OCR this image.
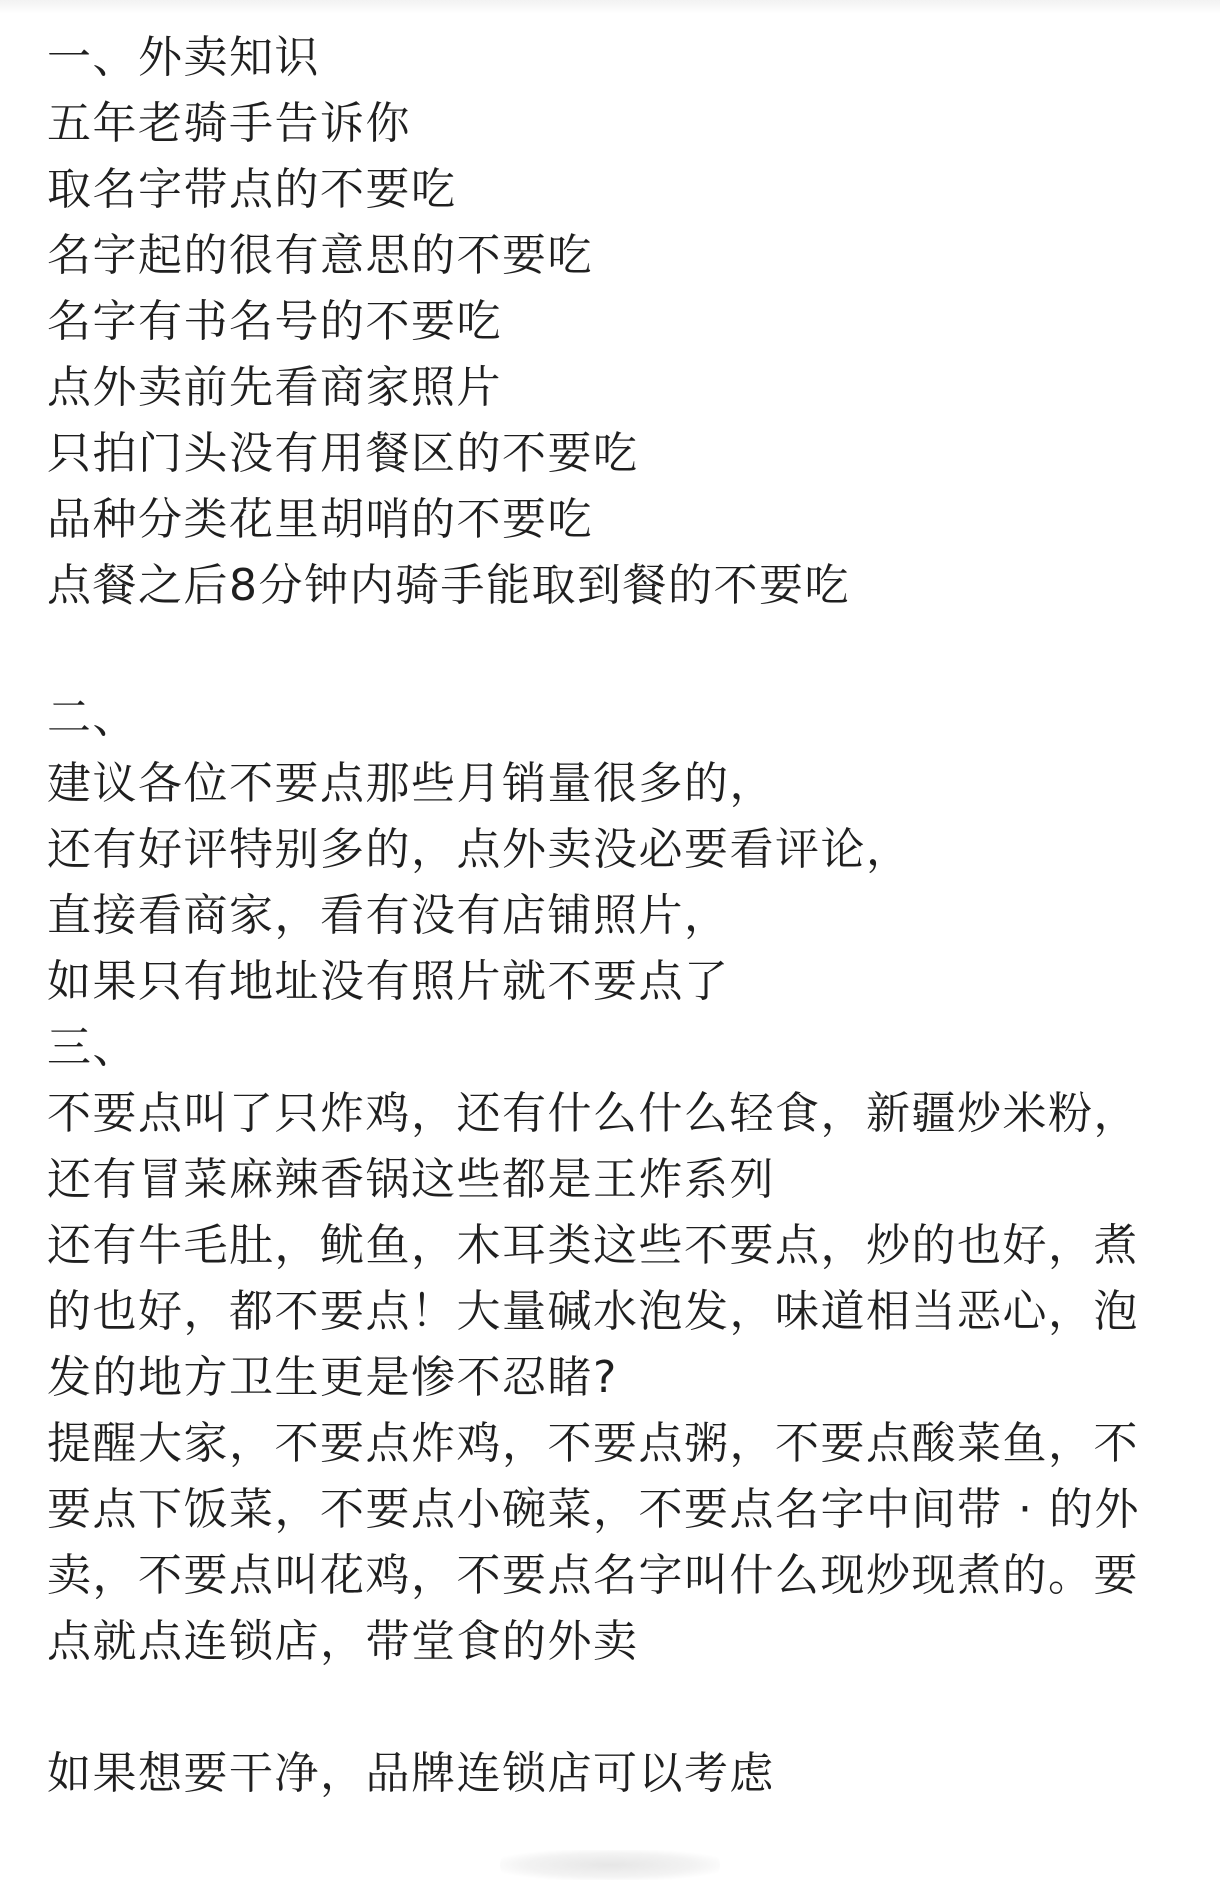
一、外卖知识
五年老骑手告诉你
取名字带点的不要吃
名字起的很有意思的不要吃
名字有书名号的不要吃
点外卖前先看商家照片
只拍门头没有用餐区的不要吃
品种分类花里胡哨的不要吃
点餐之后8分钟内骑手能取到餐的不要吃
二、
建议各位不要点那些月销量很多的，
还有好评特别多的，点外卖没必要看评论，
直接看商家，看有没有店铺照片，
如果只有地址没有照片就不要点了
三、
不要点叫了只炸鸡，还有什么什么轻食，新疆炒米粉，
还有冒菜麻辣香锅这些都是王炸系列
还有牛毛肚，鱿鱼，木耳类这些不要点，炒的也好，煮
的也好，都不要点！大量碱水泡发，味道相当恶心，泡
发的地方卫生更是惨不忍睹?
提醒大家，不要点炸鸡，不要点粥，不要点酸菜鱼，不
要点下饭菜，不要点小碗菜，不要点名字中间带 · 的外
卖，不要点叫花鸡，不要点名字叫什么现炒现煮的。要
点就点连锁店，带堂食的外卖
如果想要干净，品牌连锁店可以考虑
